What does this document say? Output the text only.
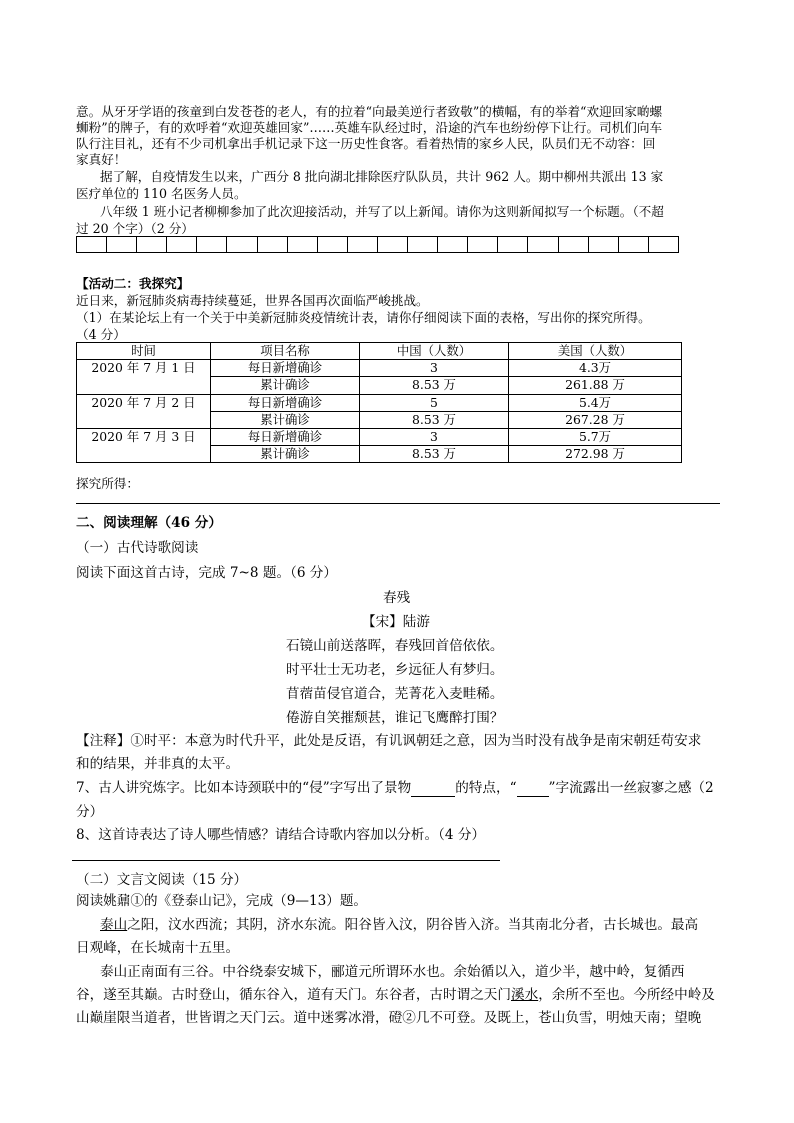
意。从牙牙学语的孩童到白发苍苍的老人，有的拉着“向最美逆行者致敬”的横幅，有的举着“欢迎回家啲螺
蛳粉”的牌子，有的欢呼着“欢迎英雄回家”……英雄车队经过时，沿途的汽车也纷纷停下让行。司机们向车
队行注目礼，还有不少司机拿出手机记录下这一历史性食客。看着热情的家乡人民，队员们无不动容：回
家真好！
据了解，自疫情发生以来，广西分 8 批向湖北排除医疗队队员，共计 962 人。期中柳州共派出 13 家
医疗单位的 110 名医务人员。
八年级 1 班小记者柳柳参加了此次迎接活动，并写了以上新闻。请你为这则新闻拟写一个标题。（不超
过 20 个字）（2 分）
【活动二：我探究】
近日来，新冠肺炎病毒持续蔓延，世界各国再次面临严峻挑战。
（1）在某论坛上有一个关于中美新冠肺炎疫情统计表，请你仔细阅读下面的表格，写出你的探究所得。
（4 分）
时间	项目名称	中国（人数）	美国（人数）
2020 年 7 月 1 日	每日新增确诊	3	4.3万
	累计确诊	8.53 万	261.88 万
2020 年 7 月 2 日	每日新增确诊	5	5.4万
	累计确诊	8.53 万	267.28 万
2020 年 7 月 3 日	每日新增确诊	3	5.7万
	累计确诊	8.53 万	272.98 万
探究所得：
二、阅读理解（46 分）
（一）古代诗歌阅读
阅读下面这首古诗，完成 7~8 题。（6 分）
春残
【宋】陆游
石镜山前送落晖，春残回首倍依依。
时平壮士无功老，乡远征人有梦归。
苜蓿苗侵官道合，芜菁花入麦畦稀。
倦游自笑摧颓甚，谁记飞鹰醉打围？
【注释】①时平：本意为时代升平，此处是反语，有讥讽朝廷之意，因为当时没有战争是南宋朝廷苟安求
和的结果，并非真的太平。
7、古人讲究炼字。比如本诗颈联中的“侵”字写出了景物	的特点，“ ”字流露出一丝寂寥之感（2
分）
8、这首诗表达了诗人哪些情感？请结合诗歌内容加以分析。（4 分）
（二）文言文阅读（15 分）
阅读姚鼐①的《登泰山记》，完成（9—13）题。
泰山之阳，汶水西流；其阴，济水东流。阳谷皆入汶，阴谷皆入济。当其南北分者，古长城也。最高
日观峰，在长城南十五里。
泰山正南面有三谷。中谷绕泰安城下，郦道元所谓环水也。余始循以入，道少半，越中岭，复循西
谷，遂至其巅。古时登山，循东谷入，道有天门。东谷者，古时谓之天门溪水，余所不至也。今所经中岭及
山巅崖限当道者，世皆谓之天门云。道中迷雾冰滑，磴②几不可登。及既上，苍山负雪，明烛天南；望晚
